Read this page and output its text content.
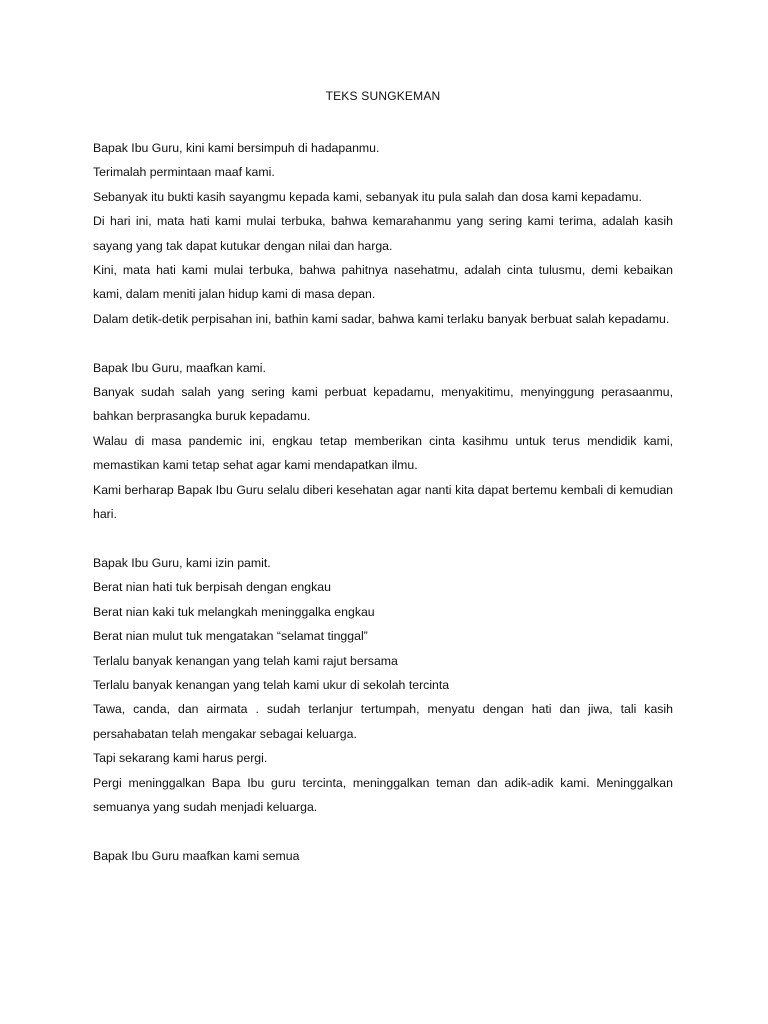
TEKS SUNGKEMAN

Bapak Ibu Guru, kini kami bersimpuh di hadapanmu.

Terimalah permintaan maaf kami.

Sebanyak itu bukti kasih sayangmu kepada kami, sebanyak itu pula salah dan dosa kami kepadamu.

Di hari ini, mata hati kami mulai terbuka, bahwa kemarahanmu yang sering kami terima, adalah kasih sayang yang tak dapat kutukar dengan nilai dan harga.

Kini, mata hati kami mulai terbuka, bahwa pahitnya nasehatmu, adalah cinta tulusmu, demi kebaikan kami, dalam meniti jalan hidup kami di masa depan.

Dalam detik-detik perpisahan ini, bathin kami sadar, bahwa kami terlaku banyak berbuat salah kepadamu.

Bapak Ibu Guru, maafkan kami.

Banyak sudah salah yang sering kami perbuat kepadamu, menyakitimu, menyinggung perasaanmu, bahkan berprasangka buruk kepadamu.

Walau di masa pandemic ini, engkau tetap memberikan cinta kasihmu untuk terus mendidik kami, memastikan kami tetap sehat agar kami mendapatkan ilmu.

Kami berharap Bapak Ibu Guru selalu diberi kesehatan agar nanti kita dapat bertemu kembali di kemudian hari.

Bapak Ibu Guru, kami izin pamit.

Berat nian hati tuk berpisah dengan engkau

Berat nian kaki tuk melangkah meninggalka engkau

Berat nian mulut tuk mengatakan “selamat tinggal”

Terlalu banyak kenangan yang telah kami rajut bersama

Terlalu banyak kenangan yang telah kami ukur di sekolah tercinta

Tawa, canda, dan airmata . sudah terlanjur tertumpah, menyatu dengan hati dan jiwa, tali kasih persahabatan telah mengakar sebagai keluarga.

Tapi sekarang kami harus pergi.

Pergi meninggalkan Bapa Ibu guru tercinta, meninggalkan teman dan adik-adik kami. Meninggalkan semuanya yang sudah menjadi keluarga.

Bapak Ibu Guru maafkan kami semua
